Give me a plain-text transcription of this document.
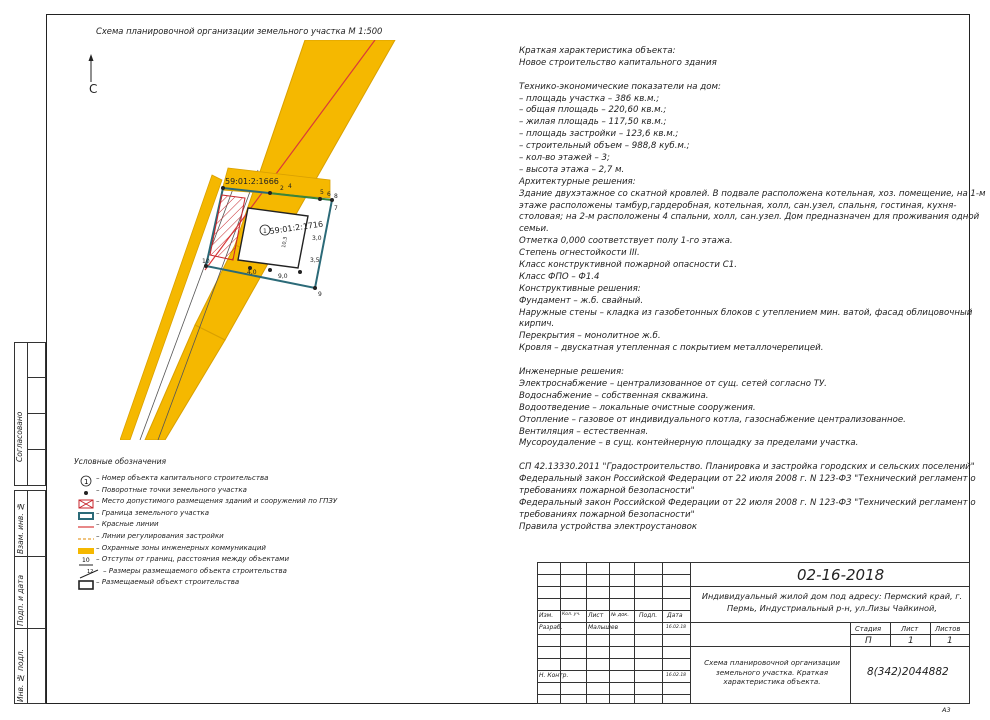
Согласовано
Взам. инв. №
Подп. и дата
Инв. № подл.
Схема планировочной организации земельного участка М 1:500
С
59:01:2:1666
59:01:2:1716
1
2 4
5 6 8
7
9
10
3,0
3,5
4,0
9,0
10,3
Краткая характеристика объекта:
Новое строительство капитального здания
Технико-экономические показатели на дом:
– площадь участка – 386 кв.м.;
– общая площадь – 220,60 кв.м.;
– жилая площадь – 117,50 кв.м.;
– площадь застройки – 123,6 кв.м.;
– строительный объем – 988,8 куб.м.;
– кол-во этажей – 3;
– высота этажа – 2,7 м.
Архитектурные решения:
Здание двухэтажное со скатной кровлей. В подвале расположена котельная, хоз. помещение, на 1-м
этаже расположены тамбур,гардеробная, котельная, холл, сан.узел, спальня, гостиная, кухня-
столовая; на 2-м расположены 4 спальни, холл, сан.узел. Дом предназначен для проживания одной
семьи.
Отметка 0,000 соответствует полу 1-го этажа.
Степень огнестойкости III.
Класс конструктивной пожарной опасности С1.
Класс ФПО – Ф1.4
Конструктивные решения:
Фундамент – ж.б. свайный.
Наружные стены – кладка из газобетонных блоков с утеплением мин. ватой, фасад облицовочный
кирпич.
Перекрытия – монолитное ж.б.
Кровля – двускатная утепленная с покрытием металлочерепицей.
Инженерные решения:
Электроснабжение – централизованное от сущ. сетей согласно ТУ.
Водоснабжение – собственная скважина.
Водоотведение – локальные очистные сооружения.
Отопление – газовое от индивидуального котла, газоснабжение централизованное.
Вентиляция – естественная.
Мусороудаление – в сущ. контейнерную площадку за пределами участка.
СП 42.13330.2011 "Градостроительство. Планировка и застройка городских и сельских поселений"
Федеральный закон Российской Федерации от 22 июля 2008 г. N 123-ФЗ "Технический регламент о
требованиях пожарной безопасности"
Федеральный закон Российской Федерации от 22 июля 2008 г. N 123-ФЗ "Технический регламент о
требованиях пожарной безопасности"
Правила устройства электроустановок
Условные обозначения
1 – Номер объекта капитального строительства
– Поворотные точки земельного участка
– Место допустимого размещения зданий и сооружений по ГПЗУ
– Граница земельного участка
– Красные линии
– Линии регулирования застройки
– Охранные зоны инженерных коммуникаций
10 – Отступы от границ, расстояния между объектами
12 – Размеры размещаемого объекта строительства
– Размещаемый объект строительства
Изм. Кол. уч. Лист № док. Подп. Дата
Разраб.	Малышев	16.02.18
Н. Контр.	16.02.18
02-16-2018
Индивидуальный жилой дом под адресу: Пермский край, г. Пермь, Индустриальный р-н, ул.Лизы Чайкиной,
Стадия	Лист Листов
П	1	1
Схема планировочной организации земельного участка. Краткая характеристика объекта.
8(342)2044882
А3
